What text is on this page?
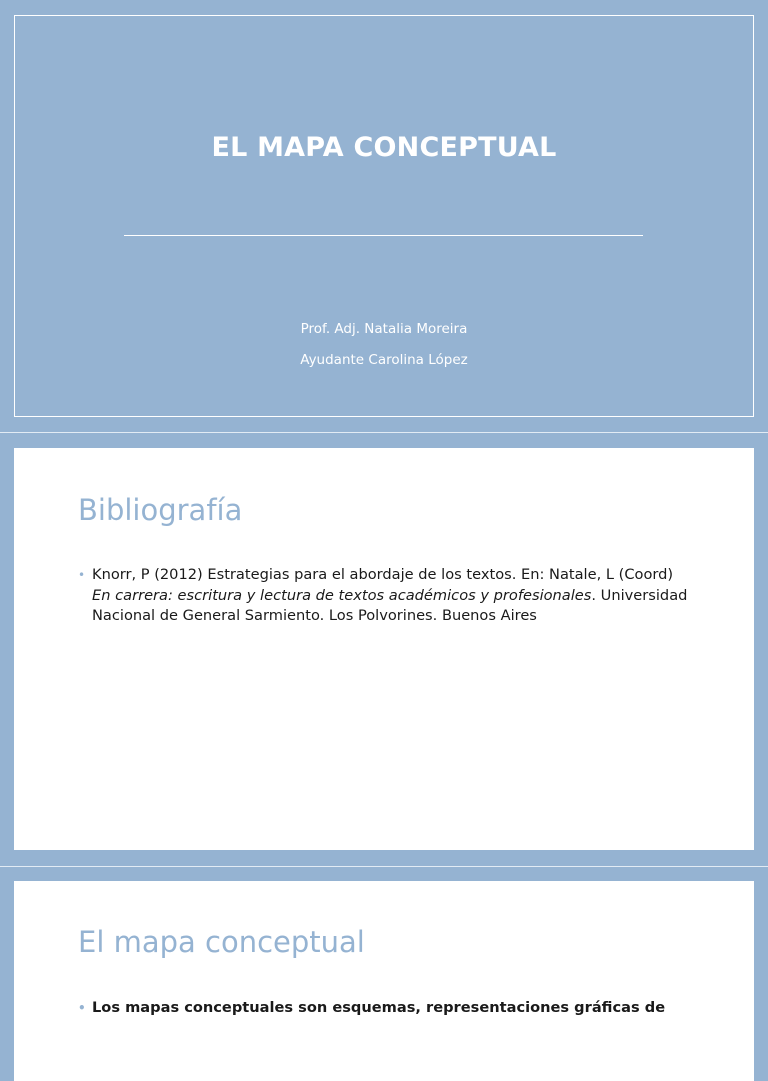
EL MAPA CONCEPTUAL
Prof. Adj. Natalia Moreira
Ayudante Carolina López
Bibliografía
• Knorr, P (2012) Estrategias para el abordaje de los textos. En: Natale, L (Coord) En carrera: escritura y lectura de textos académicos y profesionales. Universidad Nacional de General Sarmiento. Los Polvorines. Buenos Aires
El mapa conceptual
• Los mapas conceptuales son esquemas, representaciones gráficas de
